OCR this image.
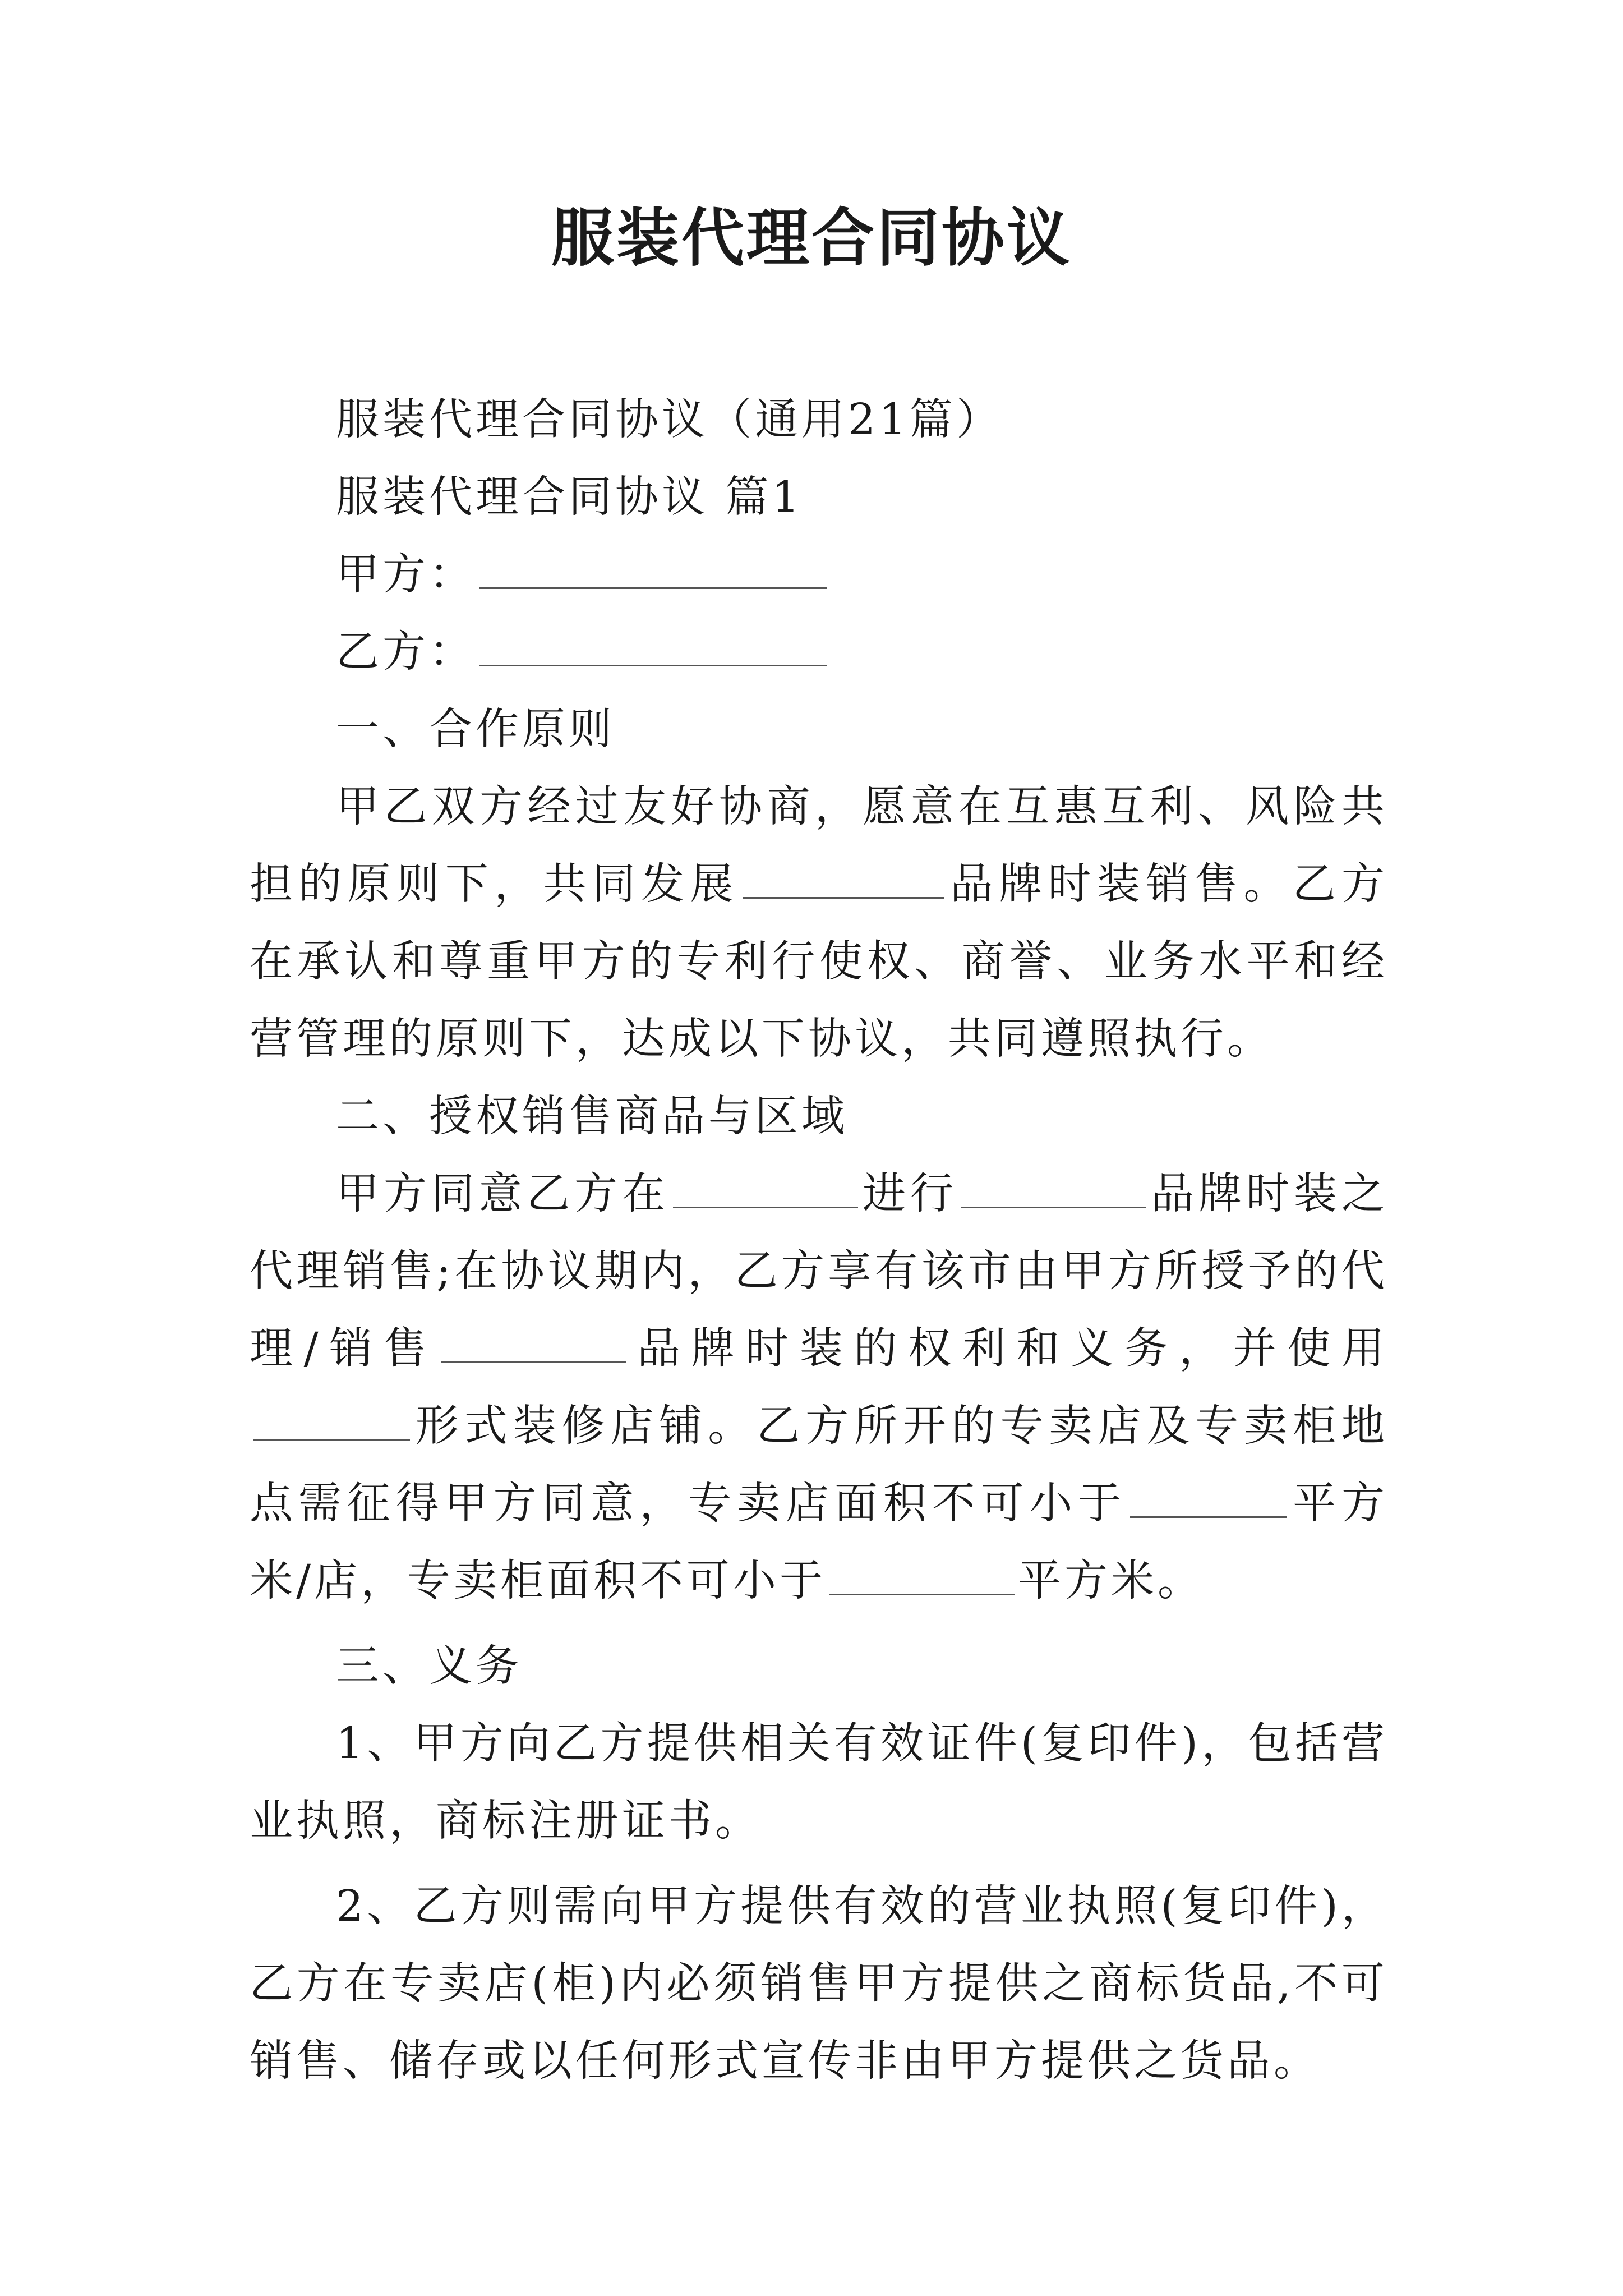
服装代理合同协议

服装代理合同协议（通用21篇）

服装代理合同协议 篇1

甲方：

乙方：

一、合作原则

甲乙双方经过友好协商，愿意在互惠互利、风险共担的原则下，共同发展	品牌时装销售。乙方在承认和尊重甲方的专利行使权、商誉、业务水平和经营管理的原则下，达成以下协议，共同遵照执行。

二、授权销售商品与区域

甲方同意乙方在	进行	品牌时装之代理销售;在协议期内，乙方享有该市由甲方所授予的代理/销售	品牌时装的权利和义务，并使用形式装修店铺。乙方所开的专卖店及专卖柜地点需征得甲方同意，专卖店面积不可小于	平方米/店，专卖柜面积不可小于	平方米。

三、义务

1、甲方向乙方提供相关有效证件(复印件)，包括营业执照，商标注册证书。

2、乙方则需向甲方提供有效的营业执照(复印件)，乙方在专卖店(柜)内必须销售甲方提供之商标货品,不可销售、储存或以任何形式宣传非由甲方提供之货品。
